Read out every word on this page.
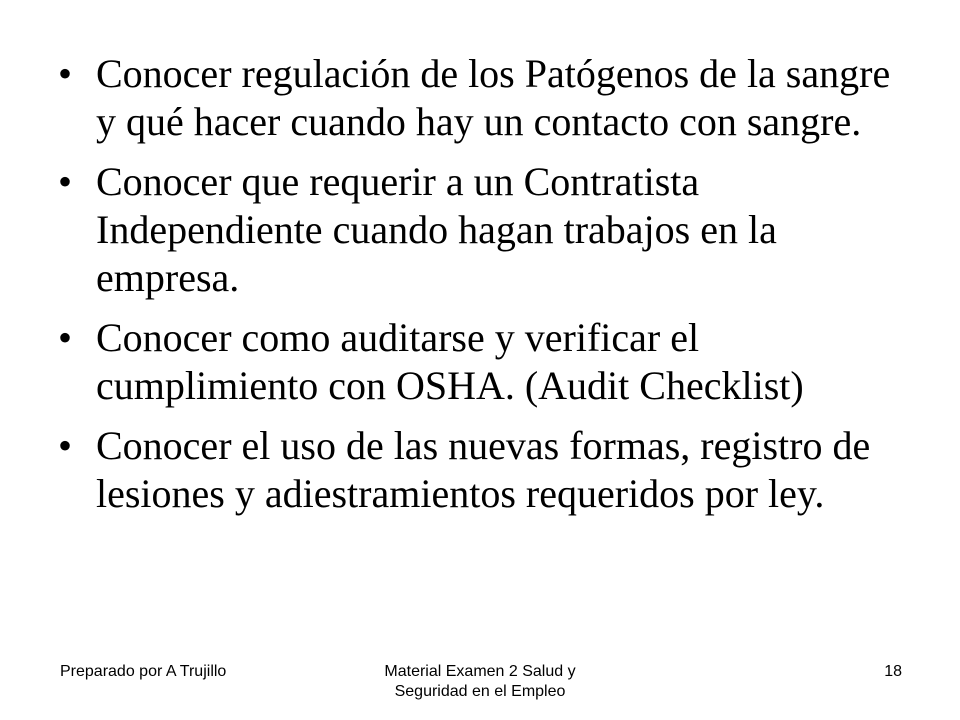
• Conocer regulación de los Patógenos de la sangre y qué hacer cuando hay un contacto con sangre.
• Conocer que requerir a un Contratista Independiente cuando hagan trabajos en la empresa.
• Conocer como auditarse y verificar el cumplimiento con OSHA. (Audit Checklist)
• Conocer el uso de las nuevas formas, registro de lesiones y adiestramientos requeridos por ley.
Preparado por A Trujillo	Material Examen 2 Salud y
Seguridad en el Empleo
18
